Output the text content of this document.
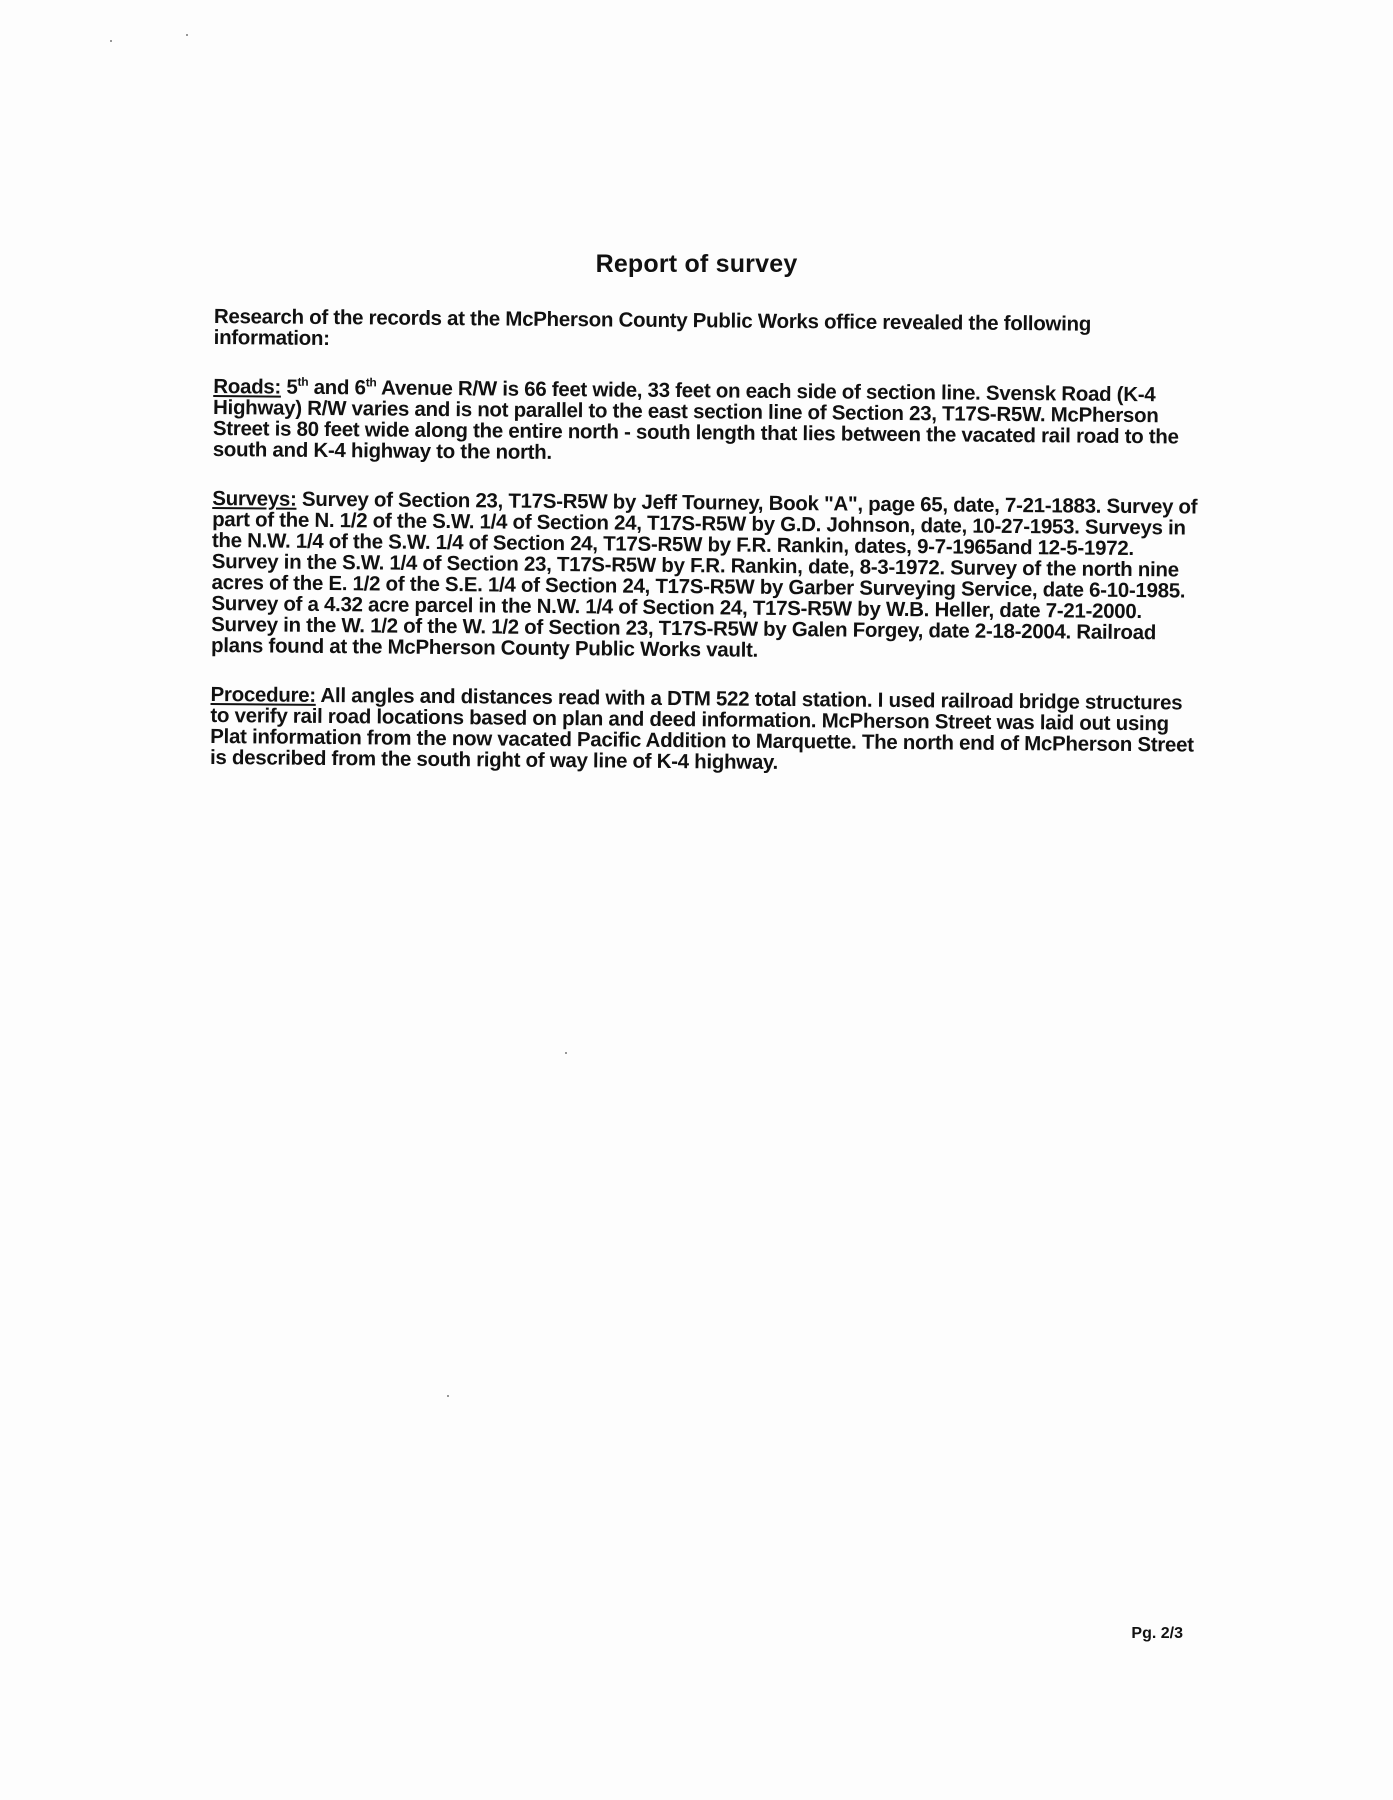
Report of survey

Research of the records at the McPherson County Public Works office revealed the following information:

Roads: 5th and 6th Avenue R/W is 66 feet wide, 33 feet on each side of section line. Svensk Road (K-4 Highway) R/W varies and is not parallel to the east section line of Section 23, T17S-R5W. McPherson Street is 80 feet wide along the entire north - south length that lies between the vacated rail road to the south and K-4 highway to the north.

Surveys: Survey of Section 23, T17S-R5W by Jeff Tourney, Book "A", page 65, date, 7-21-1883. Survey of part of the N. 1/2 of the S.W. 1/4 of Section 24, T17S-R5W by G.D. Johnson, date, 10-27-1953. Surveys in the N.W. 1/4 of the S.W. 1/4 of Section 24, T17S-R5W by F.R. Rankin, dates, 9-7-1965and 12-5-1972. Survey in the S.W. 1/4 of Section 23, T17S-R5W by F.R. Rankin, date, 8-3-1972. Survey of the north nine acres of the E. 1/2 of the S.E. 1/4 of Section 24, T17S-R5W by Garber Surveying Service, date 6-10-1985. Survey of a 4.32 acre parcel in the N.W. 1/4 of Section 24, T17S-R5W by W.B. Heller, date 7-21-2000. Survey in the W. 1/2 of the W. 1/2 of Section 23, T17S-R5W by Galen Forgey, date 2-18-2004. Railroad plans found at the McPherson County Public Works vault.

Procedure: All angles and distances read with a DTM 522 total station. I used railroad bridge structures to verify rail road locations based on plan and deed information. McPherson Street was laid out using Plat information from the now vacated Pacific Addition to Marquette. The north end of McPherson Street is described from the south right of way line of K-4 highway.

Pg. 2/3
